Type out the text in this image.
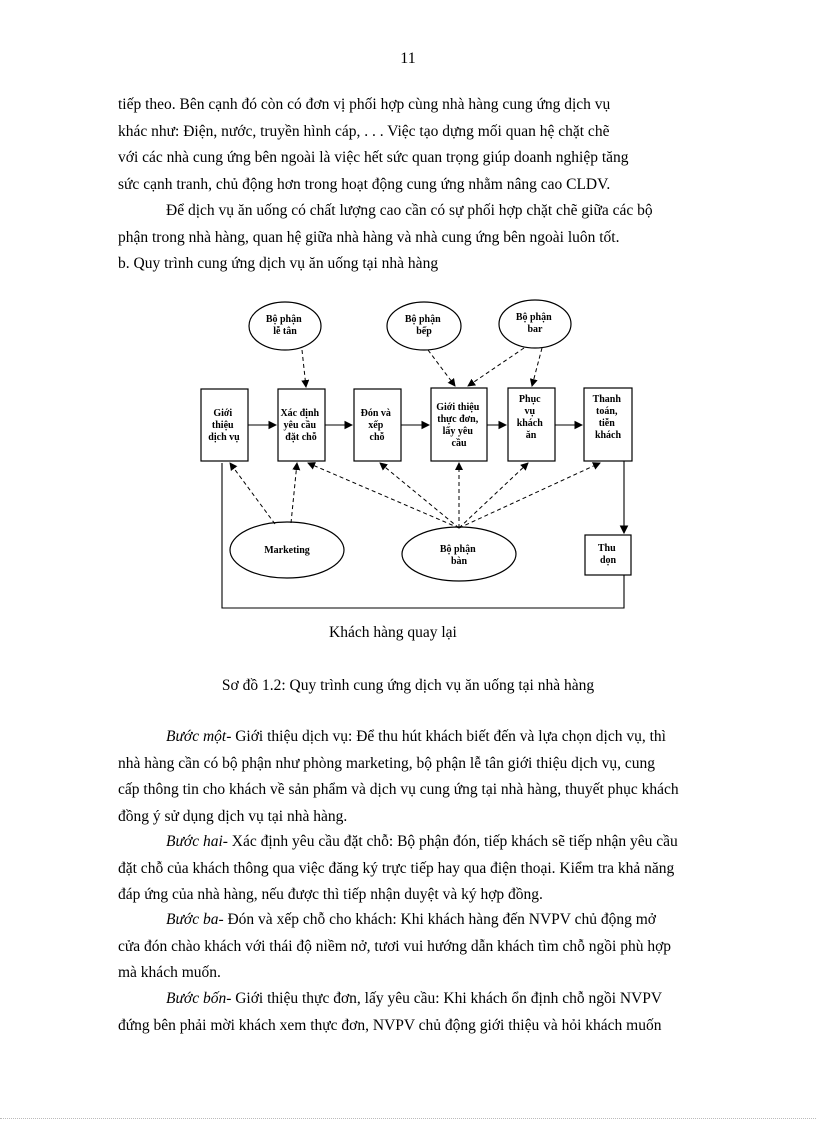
11

tiếp theo. Bên cạnh đó còn có đơn vị phối hợp cùng nhà hàng cung ứng dịch vụ
khác như: Điện, nước, truyền hình cáp, . . . Việc tạo dựng mối quan hệ chặt chẽ
với các nhà cung ứng bên ngoài là việc hết sức quan trọng giúp doanh nghiệp tăng
sức cạnh tranh, chủ động hơn trong hoạt động cung ứng nhằm nâng cao CLDV.

Để dịch vụ ăn uống có chất lượng cao cần có sự phối hợp chặt chẽ giữa các bộ
phận trong nhà hàng, quan hệ giữa nhà hàng và nhà cung ứng bên ngoài luôn tốt.

b. Quy trình cung ứng dịch vụ ăn uống tại nhà hàng

Bộ phận lễ tân
Bộ phận bếp
Bộ phận bar
Giới thiệu dịch vụ
Xác định yêu cầu đặt chỗ
Đón và xếp chỗ
Giới thiệu thực đơn, lấy yêu cầu
Phục vụ khách ăn
Thanh toán, tiễn khách
Marketing	Bộ phận bàn
Thu dọn
Khách hàng quay lại
Sơ đồ 1.2: Quy trình cung ứng dịch vụ ăn uống tại nhà hàng

Bước một- Giới thiệu dịch vụ: Để thu hút khách biết đến và lựa chọn dịch vụ, thì
nhà hàng cần có bộ phận như phòng marketing, bộ phận lễ tân giới thiệu dịch vụ, cung
cấp thông tin cho khách về sản phẩm và dịch vụ cung ứng tại nhà hàng, thuyết phục khách
đồng ý sử dụng dịch vụ tại nhà hàng.

Bước hai- Xác định yêu cầu đặt chỗ: Bộ phận đón, tiếp khách sẽ tiếp nhận yêu cầu
đặt chỗ của khách thông qua việc đăng ký trực tiếp hay qua điện thoại. Kiểm tra khả năng
đáp ứng của nhà hàng, nếu được thì tiếp nhận duyệt và ký hợp đồng.

Bước ba- Đón và xếp chỗ cho khách: Khi khách hàng đến NVPV chủ động mở
cửa đón chào khách với thái độ niềm nở, tươi vui hướng dẫn khách tìm chỗ ngồi phù hợp
mà khách muốn.

Bước bốn- Giới thiệu thực đơn, lấy yêu cầu: Khi khách ổn định chỗ ngồi NVPV
đứng bên phải mời khách xem thực đơn, NVPV chủ động giới thiệu và hỏi khách muốn
